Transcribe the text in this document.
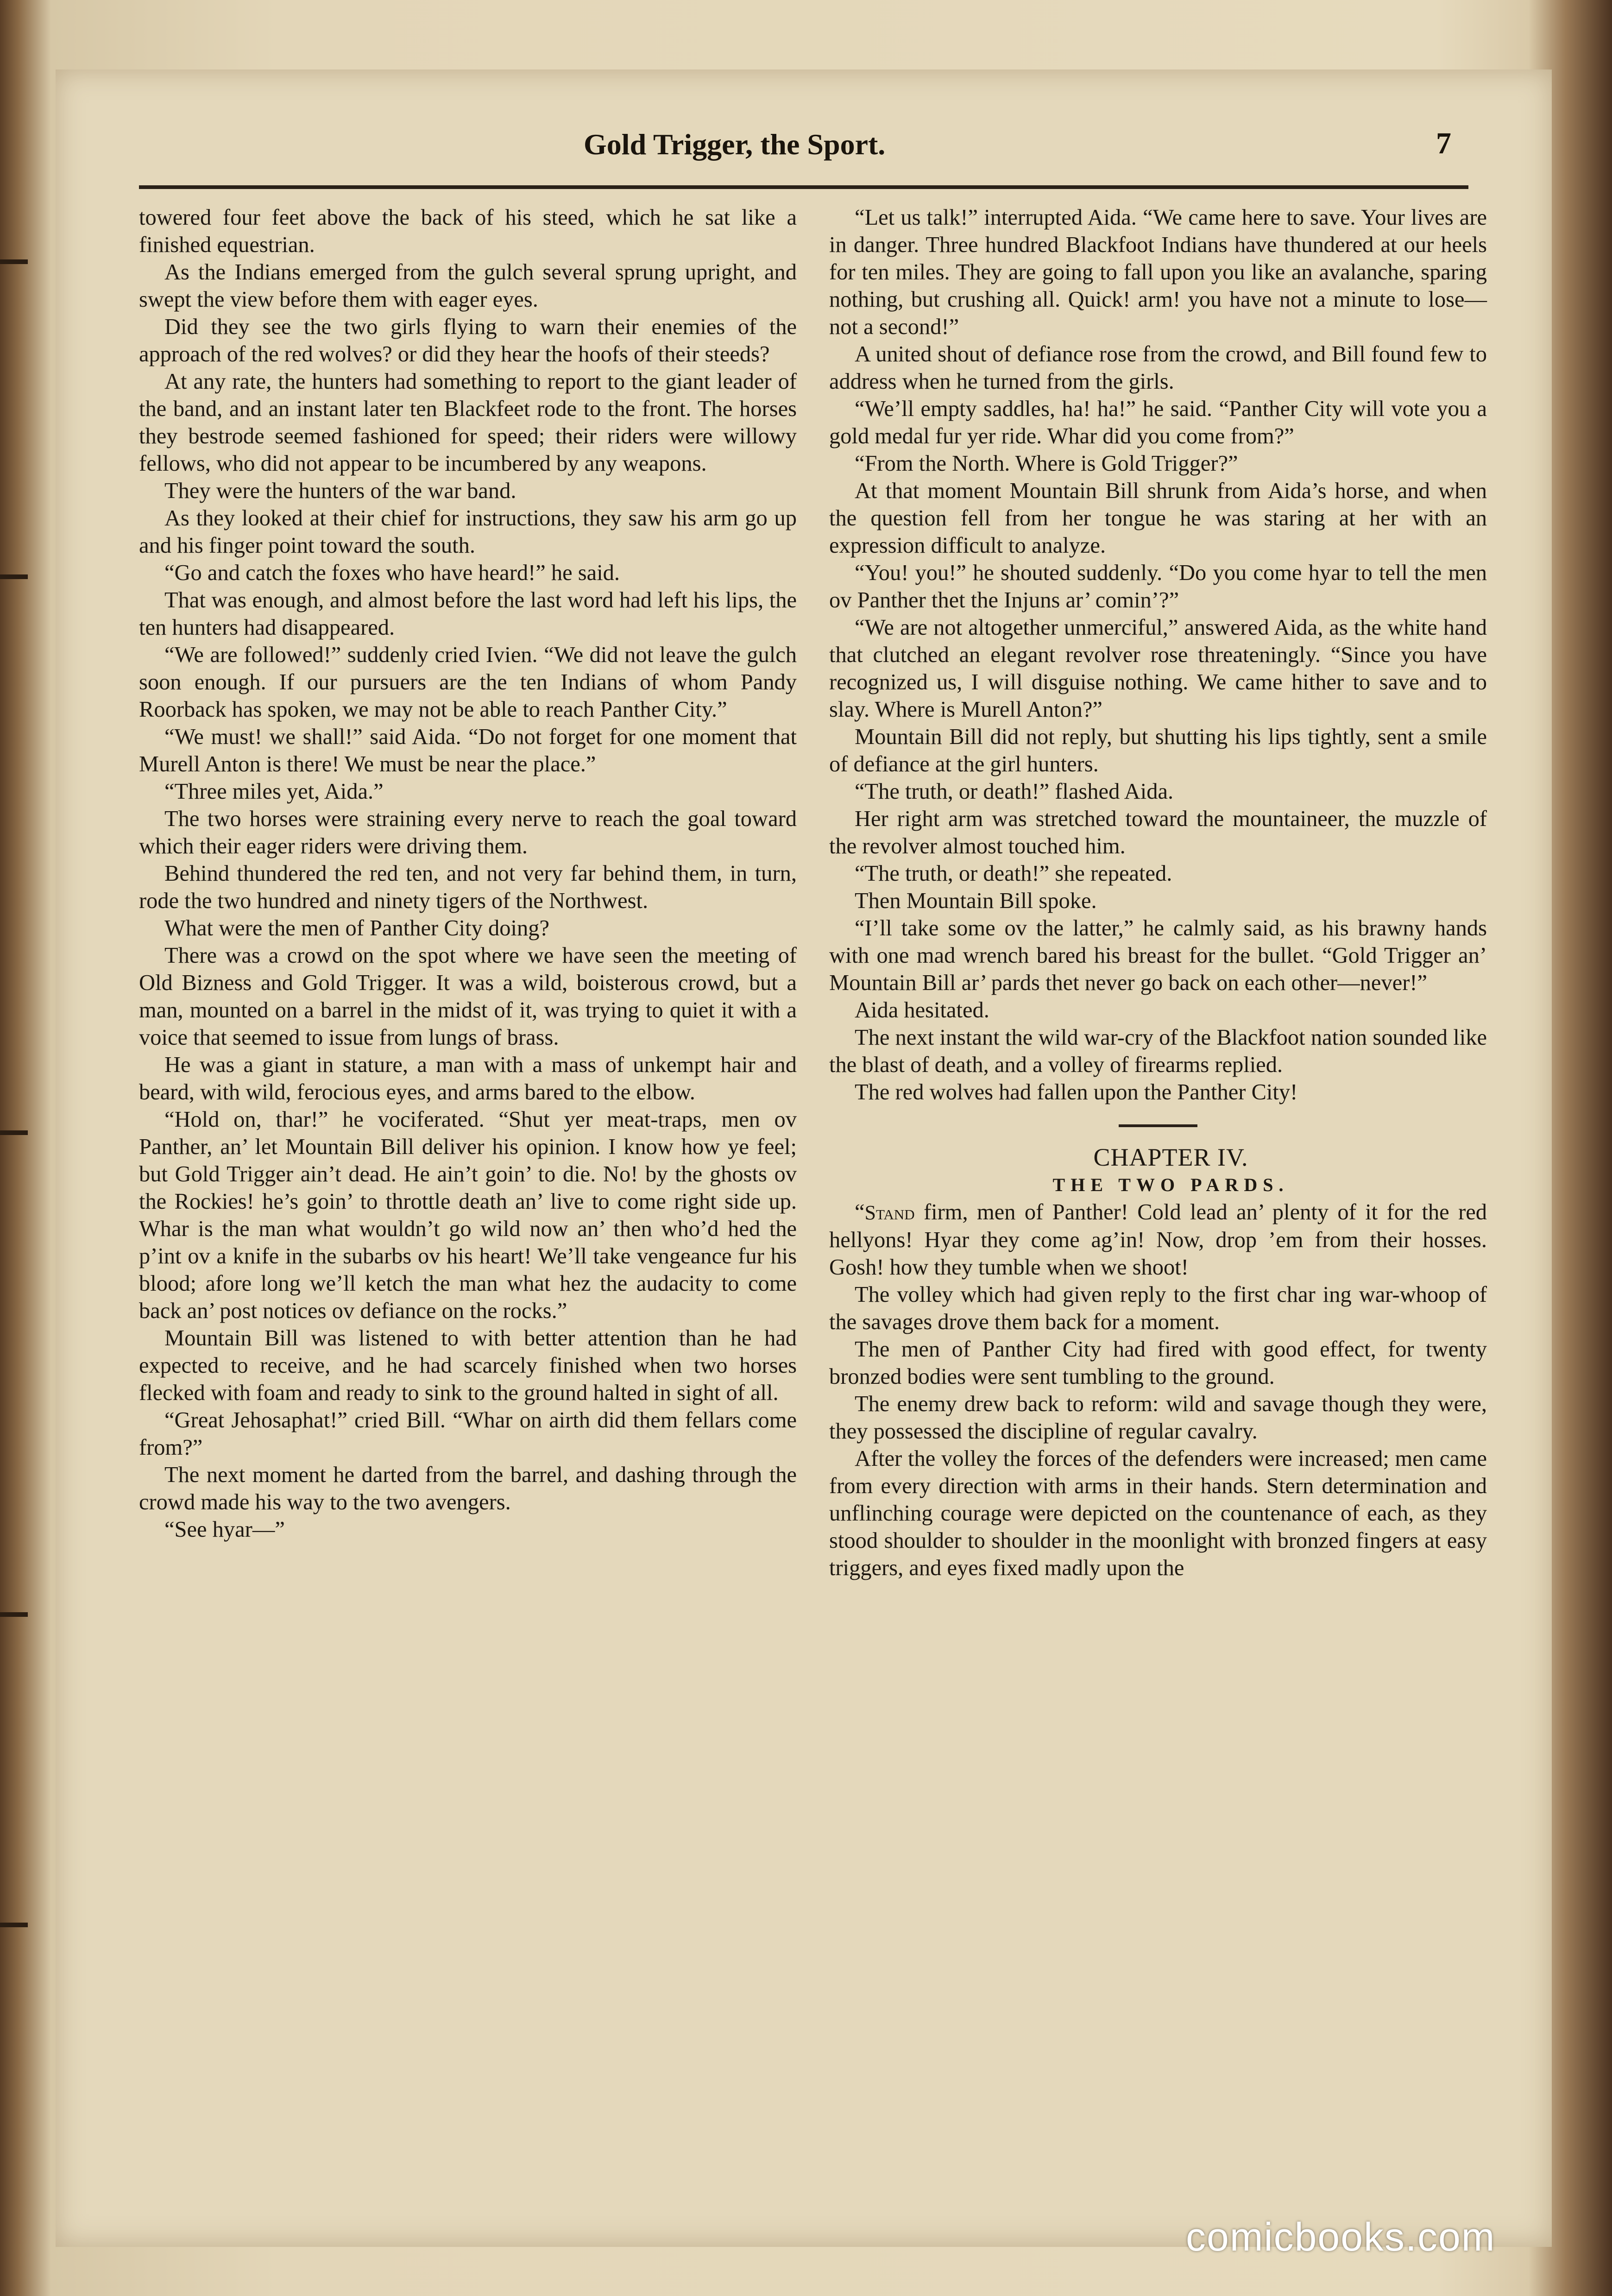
Gold Trigger, the Sport.	7

towered four feet above the back of his steed, which he sat like a finished equestrian.

As the Indians emerged from the gulch several sprung upright, and swept the view before them with eager eyes.

Did they see the two girls flying to warn their enemies of the approach of the red wolves? or did they hear the hoofs of their steeds?

At any rate, the hunters had something to report to the giant leader of the band, and an instant later ten Blackfeet rode to the front. The horses they bestrode seemed fashioned for speed; their riders were willowy fellows, who did not appear to be incumbered by any weapons.

They were the hunters of the war band.

As they looked at their chief for instructions, they saw his arm go up and his finger point toward the south.

“Go and catch the foxes who have heard!” he said.

That was enough, and almost before the last word had left his lips, the ten hunters had disappeared.

“We are followed!” suddenly cried Ivien. “We did not leave the gulch soon enough. If our pursuers are the ten Indians of whom Pandy Roorback has spoken, we may not be able to reach Panther City.”

“We must! we shall!” said Aida. “Do not forget for one moment that Murell Anton is there! We must be near the place.”

“Three miles yet, Aida.”

The two horses were straining every nerve to reach the goal toward which their eager riders were driving them.

Behind thundered the red ten, and not very far behind them, in turn, rode the two hundred and ninety tigers of the Northwest.

What were the men of Panther City doing?

There was a crowd on the spot where we have seen the meeting of Old Bizness and Gold Trigger. It was a wild, boisterous crowd, but a man, mounted on a barrel in the midst of it, was trying to quiet it with a voice that seemed to issue from lungs of brass.

He was a giant in stature, a man with a mass of unkempt hair and beard, with wild, ferocious eyes, and arms bared to the elbow.

“Hold on, thar!” he vociferated. “Shut yer meat-traps, men ov Panther, an’ let Mountain Bill deliver his opinion. I know how ye feel; but Gold Trigger ain’t dead. He ain’t goin’ to die. No! by the ghosts ov the Rockies! he’s goin’ to throttle death an’ live to come right side up. Whar is the man what wouldn’t go wild now an’ then who’d hed the p’int ov a knife in the subarbs ov his heart! We’ll take vengeance fur his blood; afore long we’ll ketch the man what hez the audacity to come back an’ post notices ov defiance on the rocks.”

Mountain Bill was listened to with better attention than he had expected to receive, and he had scarcely finished when two horses flecked with foam and ready to sink to the ground halted in sight of all.

“Great Jehosaphat!” cried Bill. “Whar on airth did them fellars come from?”

The next moment he darted from the barrel, and dashing through the crowd made his way to the two avengers.

“See hyar—”

“Let us talk!” interrupted Aida. “We came here to save. Your lives are in danger. Three hundred Blackfoot Indians have thundered at our heels for ten miles. They are going to fall upon you like an avalanche, sparing nothing, but crushing all. Quick! arm! you have not a minute to lose—not a second!”

A united shout of defiance rose from the crowd, and Bill found few to address when he turned from the girls.

“We’ll empty saddles, ha! ha!” he said. “Panther City will vote you a gold medal fur yer ride. Whar did you come from?”

“From the North. Where is Gold Trigger?”

At that moment Mountain Bill shrunk from Aida’s horse, and when the question fell from her tongue he was staring at her with an expression difficult to analyze.

“You! you!” he shouted suddenly. “Do you come hyar to tell the men ov Panther thet the Injuns ar’ comin’?”

“We are not altogether unmerciful,” answered Aida, as the white hand that clutched an elegant revolver rose threateningly. “Since you have recognized us, I will disguise nothing. We came hither to save and to slay. Where is Murell Anton?”

Mountain Bill did not reply, but shutting his lips tightly, sent a smile of defiance at the girl hunters.

“The truth, or death!” flashed Aida.

Her right arm was stretched toward the mountaineer, the muzzle of the revolver almost touched him.

“The truth, or death!” she repeated.

Then Mountain Bill spoke.

“I’ll take some ov the latter,” he calmly said, as his brawny hands with one mad wrench bared his breast for the bullet. “Gold Trigger an’ Mountain Bill ar’ pards thet never go back on each other—never!”

Aida hesitated.

The next instant the wild war-cry of the Blackfoot nation sounded like the blast of death, and a volley of firearms replied.

The red wolves had fallen upon the Panther City!

CHAPTER IV.

THE TWO PARDS.

“Stand firm, men of Panther! Cold lead an’ plenty of it for the red hellyons! Hyar they come ag’in! Now, drop ’em from their hosses. Gosh! how they tumble when we shoot!

The volley which had given reply to the first char ing war-whoop of the savages drove them back for a moment.

The men of Panther City had fired with good effect, for twenty bronzed bodies were sent tumbling to the ground.

The enemy drew back to reform: wild and savage though they were, they possessed the discipline of regular cavalry.

After the volley the forces of the defenders were increased; men came from every direction with arms in their hands. Stern determination and unflinching courage were depicted on the countenance of each, as they stood shoulder to shoulder in the moonlight with bronzed fingers at easy triggers, and eyes fixed madly upon the

comicbooks.com
